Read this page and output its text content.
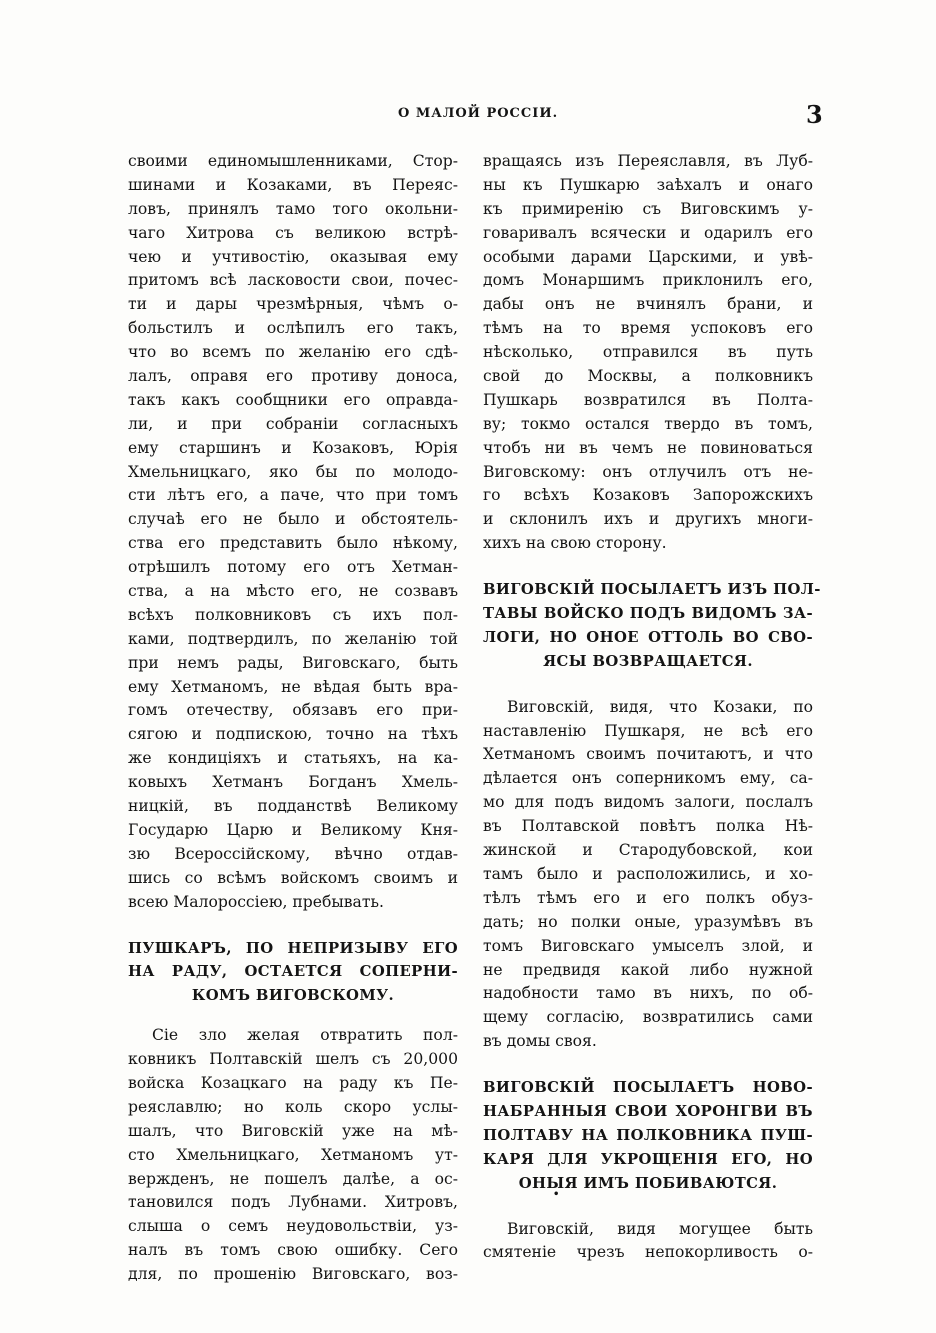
О МАЛОЙ РОССІИ.	3
своими единомышленниками, Стор-
шинами и Козаками, въ Переяс-
ловъ, принялъ тамо того окольни-
чаго Хитрова съ великою встрѣ-
чею и учтивостію, оказывая ему
притомъ всѣ ласковости свои, почес-
ти и дары чрезмѣрныя, чѣмъ о-
больстилъ и ослѣпилъ его такъ,
что во всемъ по желанію его сдѣ-
лалъ, оправя его противу доноса,
такъ какъ сообщники его оправда-
ли, и при собраніи согласныхъ
ему старшинъ и Козаковъ, Юрія
Хмельницкаго, яко бы по молодо-
сти лѣтъ его, а паче, что при томъ
случаѣ его не было и обстоятель-
ства его представить было нѣкому,
отрѣшилъ потому его отъ Хетман-
ства, а на мѣсто его, не созвавъ
всѣхъ полковниковъ съ ихъ пол-
ками, подтвердилъ, по желанію той
при немъ рады, Виговскаго, быть
ему Хетманомъ, не вѣдая быть вра-
гомъ отечеству, обязавъ его при-
сягою и подпискою, точно на тѣхъ
же кондиціяхъ и статьяхъ, на ка-
ковыхъ Хетманъ Богданъ Хмель-
ницкій, въ подданствѣ Великому
Государю Царю и Великому Кня-
зю Всероссійскому, вѣчно отдав-
шись со всѣмъ войскомъ своимъ и
всею Малороссіею, пребывать.
ПУШКАРЪ, ПО НЕПРИЗЫВУ ЕГО
НА РАДУ, ОСТАЕТСЯ СОПЕРНИ-
КОМЪ ВИГОВСКОМУ.
Сіе зло желая отвратить пол-
ковникъ Полтавскій шелъ съ 20,000
войска Козацкаго на раду къ Пе-
реяславлю; но коль скоро услы-
шалъ, что Виговскій уже на мѣ-
сто Хмельницкаго, Хетманомъ ут-
вержденъ, не пошелъ далѣе, а ос-
тановился подъ Лубнами. Хитровъ,
слыша о семъ неудовольствіи, уз-
налъ въ томъ свою ошибку. Сего
для, по прошенію Виговскаго, воз-
вращаясь изъ Переяславля, въ Луб-
ны къ Пушкарю заѣхалъ и онаго
къ примиренію съ Виговскимъ у-
говаривалъ всячески и одарилъ его
особыми дарами Царскими, и увѣ-
домъ Монаршимъ приклонилъ его,
дабы онъ не вчинялъ брани, и
тѣмъ на то время успоковъ его
нѣсколько, отправился въ путь
свой до Москвы, а полковникъ
Пушкарь возвратился въ Полта-
ву; токмо остался твердо въ томъ,
чтобъ ни въ чемъ не повиноваться
Виговскому: онъ отлучилъ отъ не-
го всѣхъ Козаковъ Запорожскихъ
и склонилъ ихъ и другихъ многи-
хихъ на свою сторону.
ВИГОВСКІЙ ПОСЫЛАЕТЪ ИЗЪ ПОЛ-
ТАВЫ ВОЙСКО ПОДЪ ВИДОМЪ ЗА-
ЛОГИ, НО ОНОЕ ОТТОЛЬ ВО СВО-
ЯСЫ ВОЗВРАЩАЕТСЯ.
Виговскій, видя, что Козаки, по
наставленію Пушкаря, не всѣ его
Хетманомъ своимъ почитаютъ, и что
дѣлается онъ соперникомъ ему, са-
мо для подъ видомъ залоги, послалъ
въ Полтавской повѣтъ полка Нѣ-
жинской и Стародубовской, кои
тамъ было и расположились, и хо-
тѣлъ тѣмъ его и его полкъ обуз-
дать; но полки оные, уразумѣвъ въ
томъ Виговскаго умыселъ злой, и
не предвидя какой либо нужной
надобности тамо въ нихъ, по об-
щему согласію, возвратились сами
въ домы своя.
ВИГОВСКІЙ ПОСЫЛАЕТЪ НОВО-
НАБРАННЫЯ СВОИ ХОРОНГВИ ВЪ
ПОЛТАВУ НА ПОЛКОВНИКА ПУШ-
КАРЯ ДЛЯ УКРОЩЕНІЯ ЕГО, НО
ОНЫЯ ИМЪ ПОБИВАЮТСЯ.
Виговскій, видя могущее быть
смятеніе чрезъ непокорливость о-
•
